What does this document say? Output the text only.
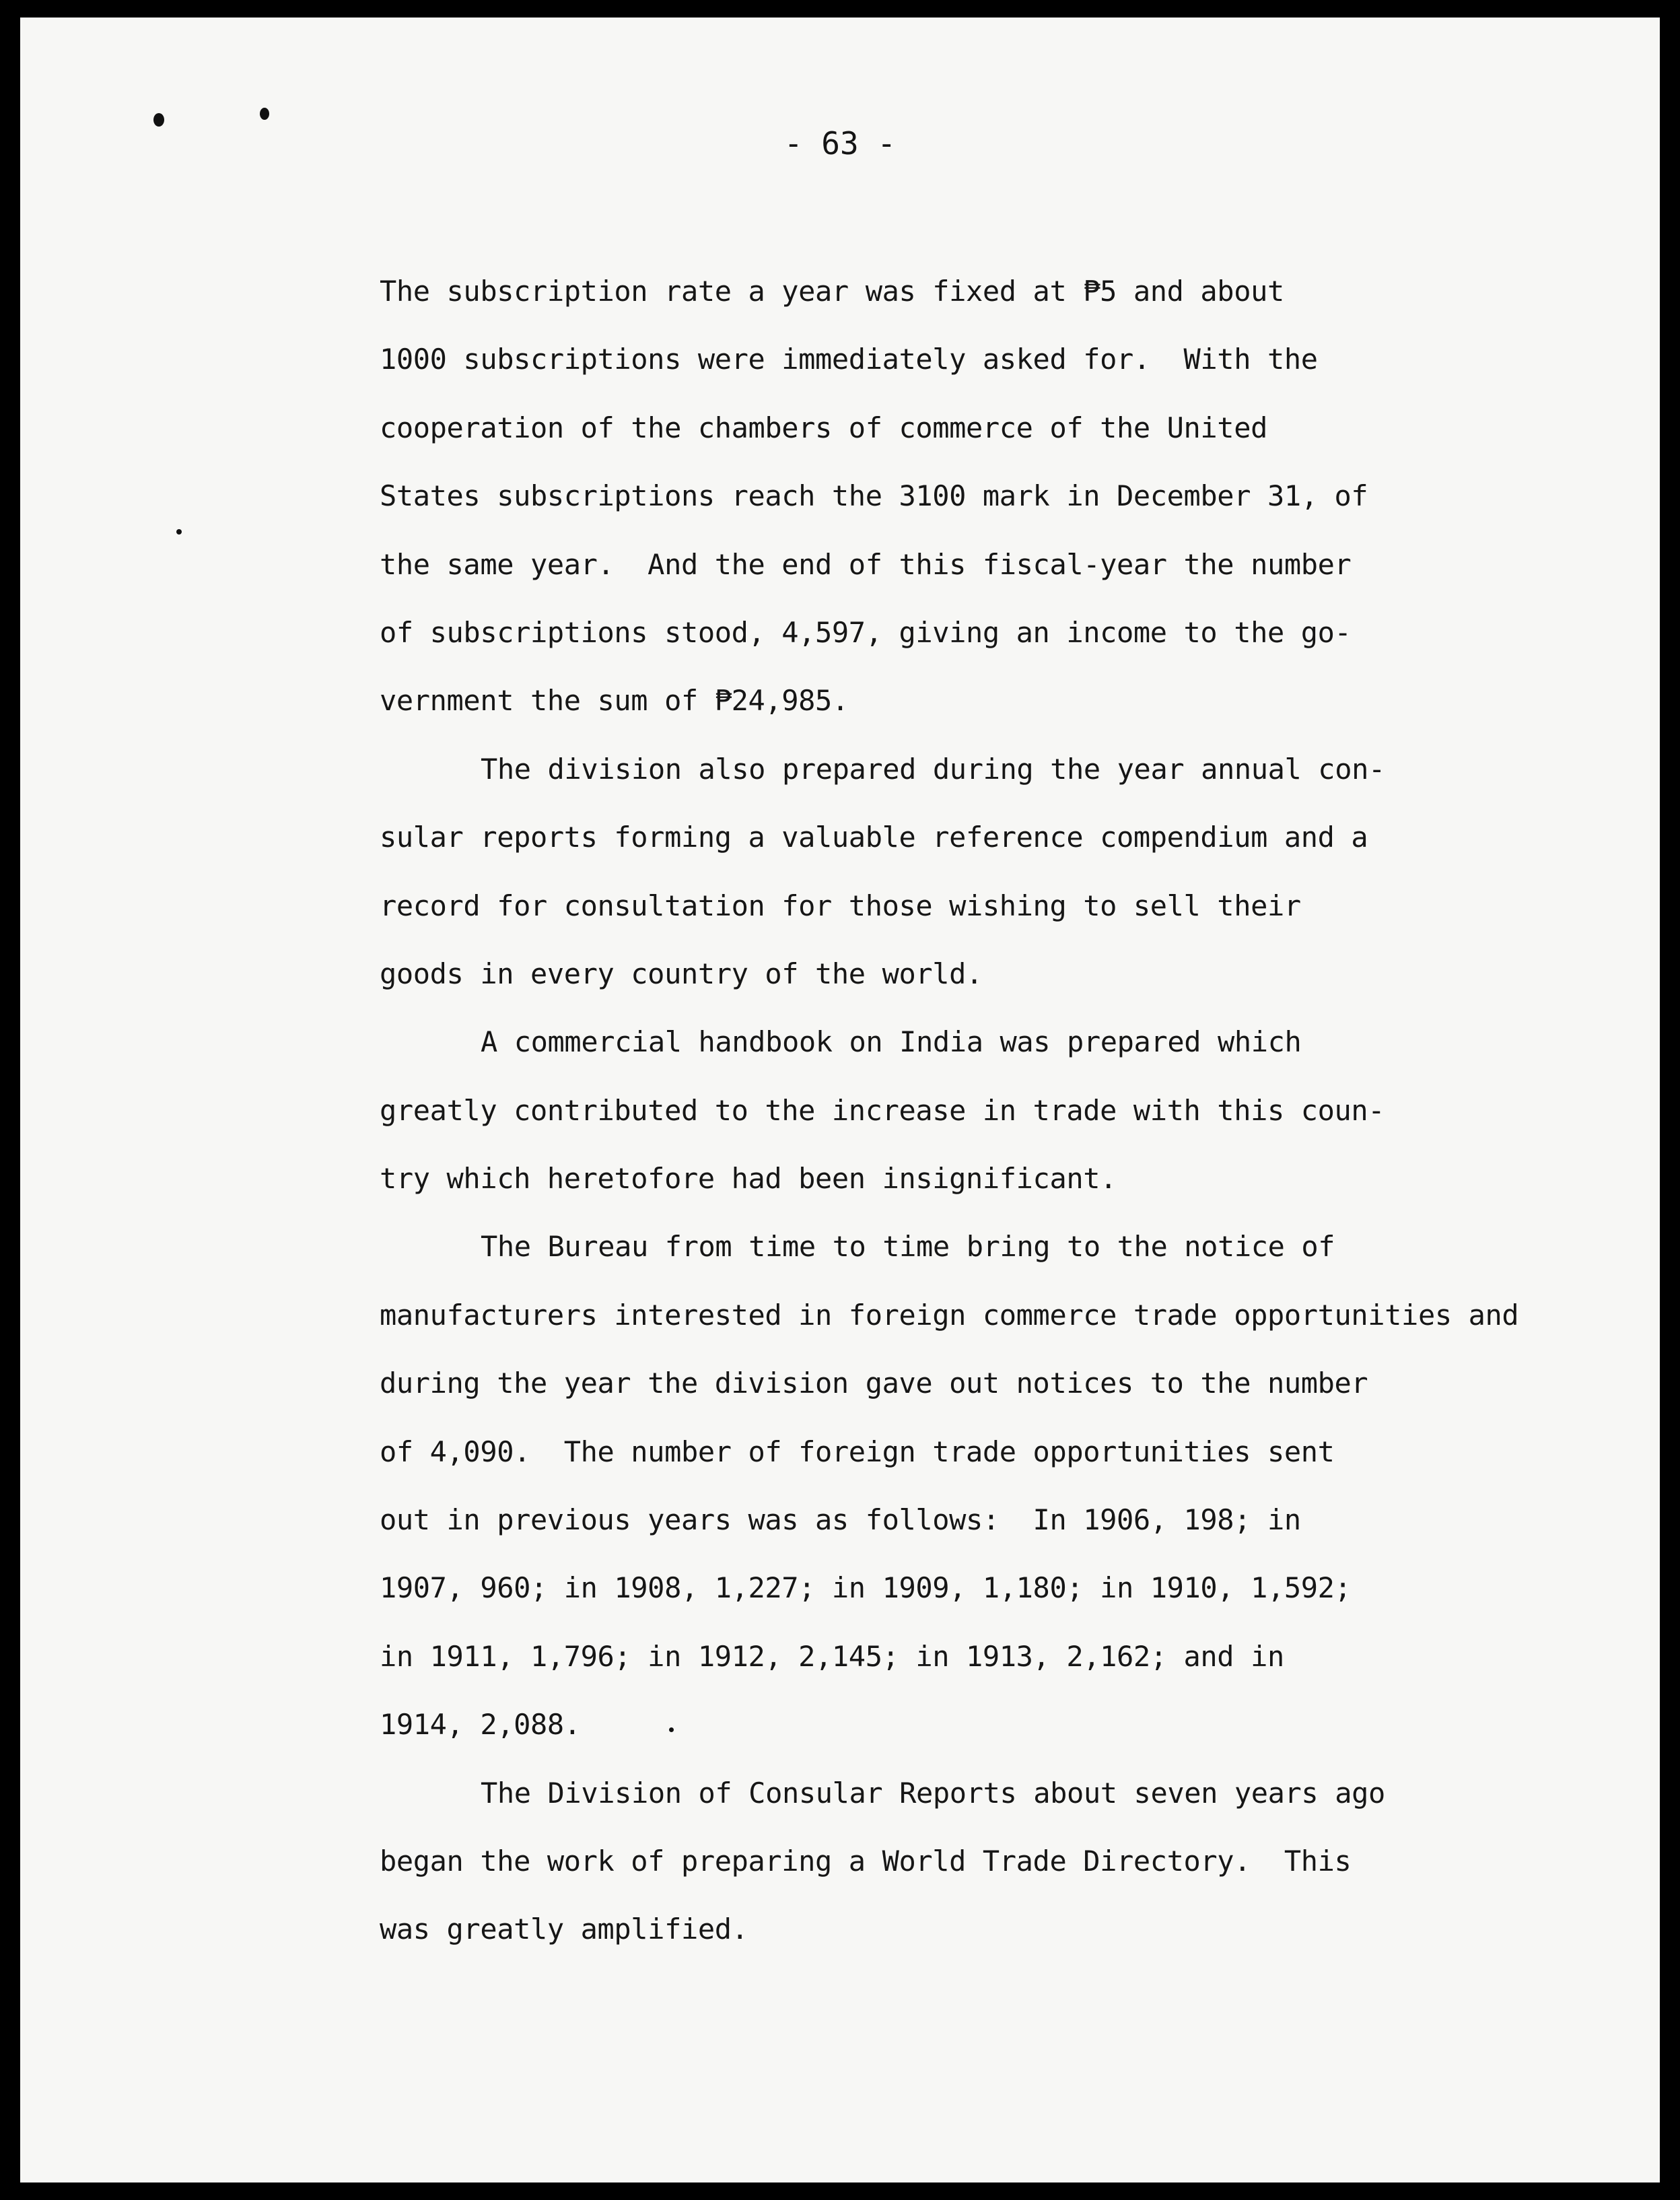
- 63 -

The subscription rate a year was fixed at ₱5 and about
1000 subscriptions were immediately asked for.  With the
cooperation of the chambers of commerce of the United
States subscriptions reach the 3100 mark in December 31, of
the same year.  And the end of this fiscal-year the number
of subscriptions stood, 4,597, giving an income to the go-
vernment the sum of ₱24,985.
The division also prepared during the year annual con-
sular reports forming a valuable reference compendium and a
record for consultation for those wishing to sell their
goods in every country of the world.
A commercial handbook on India was prepared which
greatly contributed to the increase in trade with this coun-
try which heretofore had been insignificant.
The Bureau from time to time bring to the notice of
manufacturers interested in foreign commerce trade opportunities and
during the year the division gave out notices to the number
of 4,090.  The number of foreign trade opportunities sent
out in previous years was as follows:  In 1906, 198; in
1907, 960; in 1908, 1,227; in 1909, 1,180; in 1910, 1,592;
in 1911, 1,796; in 1912, 2,145; in 1913, 2,162; and in
1914, 2,088.
The Division of Consular Reports about seven years ago
began the work of preparing a World Trade Directory.  This
was greatly amplified.
